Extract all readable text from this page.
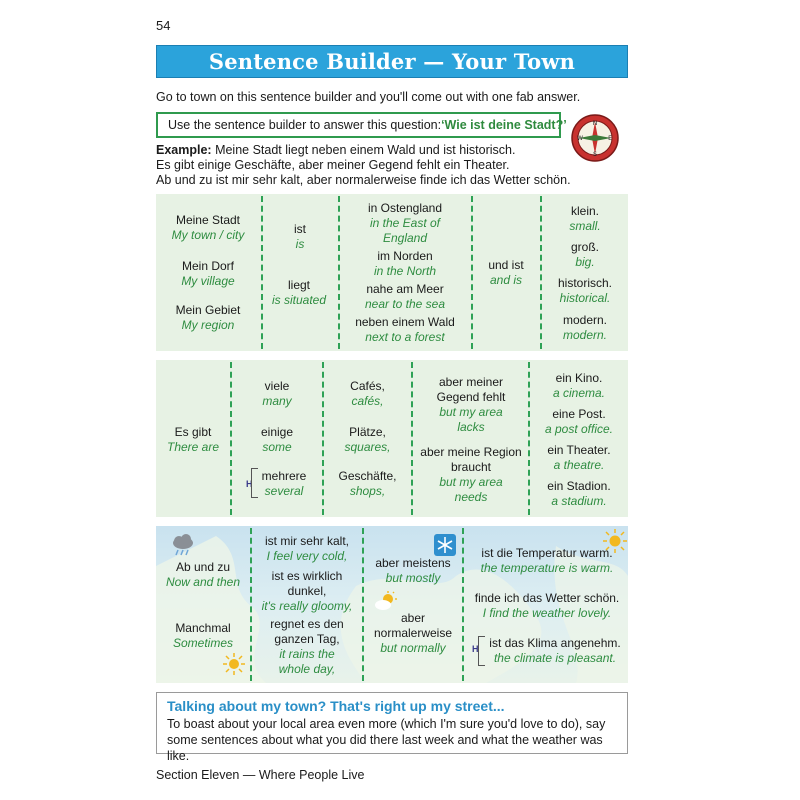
54
Sentence Builder — Your Town
Go to town on this sentence builder and you'll come out with one fab answer.
Use the sentence builder to answer this question: ‘Wie ist deine Stadt?’	N
S
E
W
Example: Meine Stadt liegt neben einem Wald und ist historisch.
Es gibt einige Geschäfte, aber meiner Gegend fehlt ein Theater.
Ab und zu ist mir sehr kalt, aber normalerweise finde ich das Wetter schön.
Meine Stadt
My town / city
Mein Dorf
My village
Mein Gebiet
My region
ist
is
liegt
is situated
in Ostengland
in the East of England
im Norden
in the North
nahe am Meer
near to the sea
neben einem Wald
next to a forest
und ist
and is
klein.
small.
groß.
big.
historisch.
historical.
modern.
modern.
Es gibt
There are
viele
many
einige
some
H
mehrere
several
Cafés,
cafés,
Plätze,
squares,
Geschäfte,
shops,
aber meiner Gegend fehlt
but my area lacks
aber meine Region braucht
but my area needs
ein Kino.
a cinema.
eine Post.
a post office.
ein Theater.
a theatre.
ein Stadion.
a stadium.
Ab und zu
Now and then
Manchmal
Sometimes
ist mir sehr kalt,
I feel very cold,
ist es wirklich dunkel,
it's really gloomy,
regnet es den ganzen Tag,
it rains the whole day,
aber meistens
but mostly
aber normalerweise
but normally
ist die Temperatur warm.
the temperature is warm.
finde ich das Wetter schön.
I find the weather lovely.
H ist das Klima angenehm.
the climate is pleasant.
Talking about my town? That's right up my street...
To boast about your local area even more (which I'm sure you'd love to do), say
some sentences about what you did there last week and what the weather was like.
Section Eleven — Where People Live
